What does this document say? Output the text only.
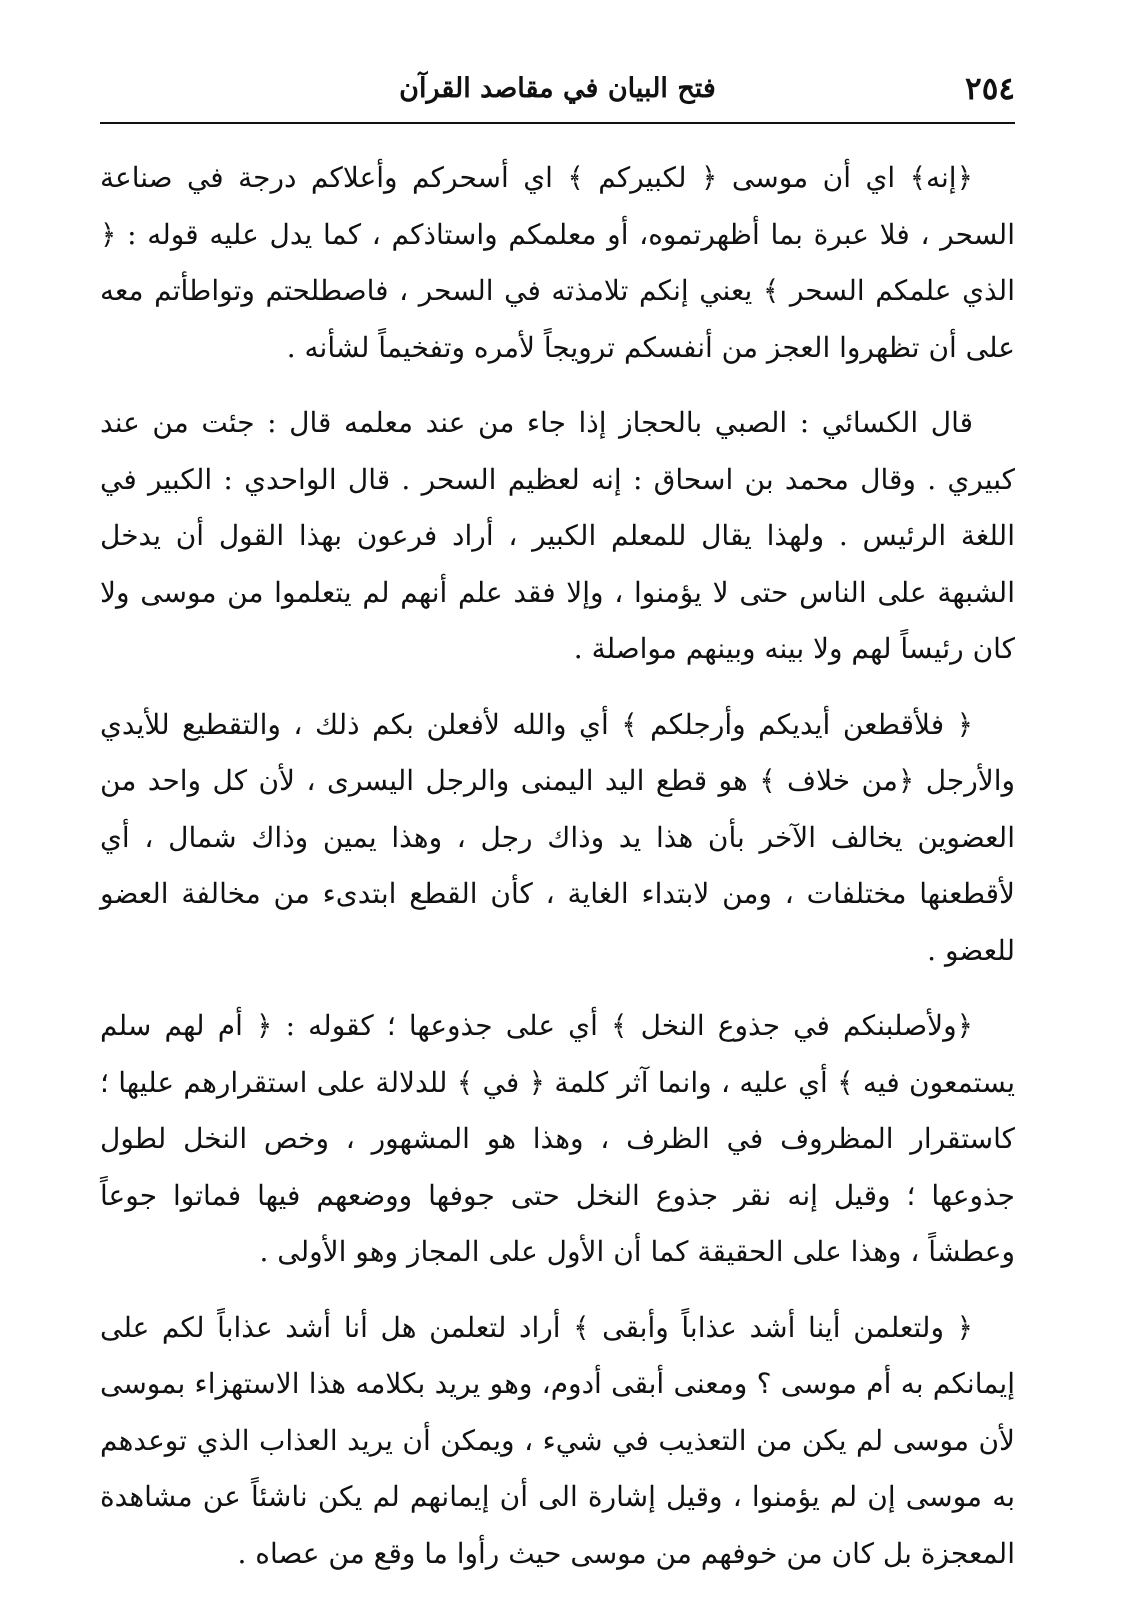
٢٥٤
فتح البيان في مقاصد القرآن

﴿إنه﴾ اي أن موسى ﴿ لكبيركم ﴾ اي أسحركم وأعلاكم درجة في صناعة السحر ، فلا عبرة بما أظهرتموه، أو معلمكم واستاذكم ، كما يدل عليه قوله : ﴿ الذي علمكم السحر ﴾ يعني إنكم تلامذته في السحر ، فاصطلحتم وتواطأتم معه على أن تظهروا العجز من أنفسكم ترويجاً لأمره وتفخيماً لشأنه .

قال الكسائي : الصبي بالحجاز إذا جاء من عند معلمه قال : جئت من عند كبيري . وقال محمد بن اسحاق : إنه لعظيم السحر . قال الواحدي : الكبير في اللغة الرئيس . ولهذا يقال للمعلم الكبير ، أراد فرعون بهذا القول أن يدخل الشبهة على الناس حتى لا يؤمنوا ، وإلا فقد علم أنهم لم يتعلموا من موسى ولا كان رئيساً لهم ولا بينه وبينهم مواصلة .

﴿ فلأقطعن أيديكم وأرجلكم ﴾ أي والله لأفعلن بكم ذلك ، والتقطيع للأيدي والأرجل ﴿من خلاف ﴾ هو قطع اليد اليمنى والرجل اليسرى ، لأن كل واحد من العضوين يخالف الآخر بأن هذا يد وذاك رجل ، وهذا يمين وذاك شمال ، أي لأقطعنها مختلفات ، ومن لابتداء الغاية ، كأن القطع ابتدىء من مخالفة العضو للعضو .

﴿ولأصلبنكم في جذوع النخل ﴾ أي على جذوعها ؛ كقوله : ﴿ أم لهم سلم يستمعون فيه ﴾ أي عليه ، وانما آثر كلمة ﴿ في ﴾ للدلالة على استقرارهم عليها ؛ كاستقرار المظروف في الظرف ، وهذا هو المشهور ، وخص النخل لطول جذوعها ؛ وقيل إنه نقر جذوع النخل حتى جوفها ووضعهم فيها فماتوا جوعاً وعطشاً ، وهذا على الحقيقة كما أن الأول على المجاز وهو الأولى .

﴿ ولتعلمن أينا أشد عذاباً وأبقى ﴾ أراد لتعلمن هل أنا أشد عذاباً لكم على إيمانكم به أم موسى ؟ ومعنى أبقى أدوم، وهو يريد بكلامه هذا الاستهزاء بموسى لأن موسى لم يكن من التعذيب في شيء ، ويمكن أن يريد العذاب الذي توعدهم به موسى إن لم يؤمنوا ، وقيل إشارة الى أن إيمانهم لم يكن ناشئاً عن مشاهدة المعجزة بل كان من خوفهم من موسى حيث رأوا ما وقع من عصاه .
